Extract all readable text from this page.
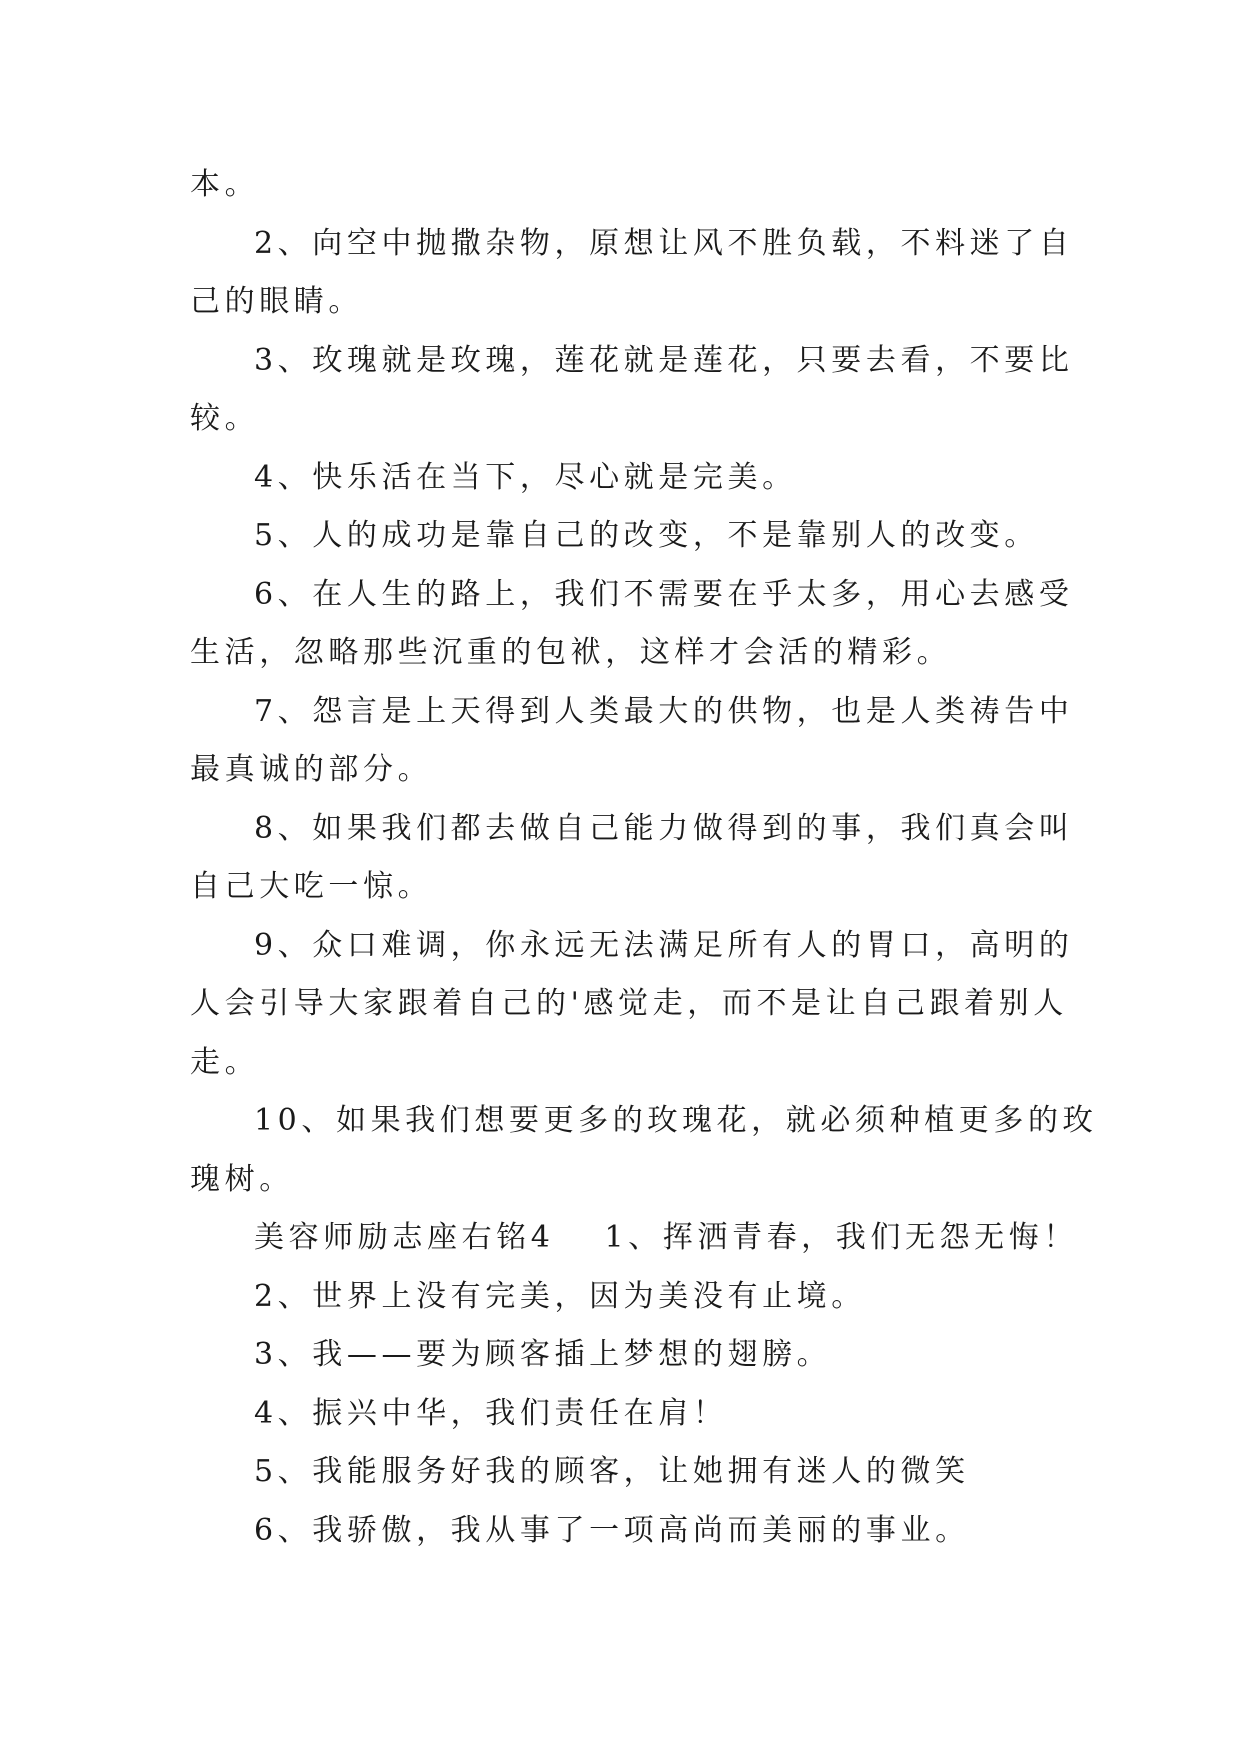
本。
2、向空中抛撒杂物，原想让风不胜负载，不料迷了自
己的眼睛。
3、玫瑰就是玫瑰，莲花就是莲花，只要去看，不要比
较。
4、快乐活在当下，尽心就是完美。
5、人的成功是靠自己的改变，不是靠别人的改变。
6、在人生的路上，我们不需要在乎太多，用心去感受
生活，忽略那些沉重的包袱，这样才会活的精彩。
7、怨言是上天得到人类最大的供物，也是人类祷告中
最真诚的部分。
8、如果我们都去做自己能力做得到的事，我们真会叫
自己大吃一惊。
9、众口难调，你永远无法满足所有人的胃口，高明的
人会引导大家跟着自己的'感觉走，而不是让自己跟着别人
走。
10、如果我们想要更多的玫瑰花，就必须种植更多的玫
瑰树。
美容师励志座右铭4 1、挥洒青春，我们无怨无悔！
2、世界上没有完美，因为美没有止境。
3、我——要为顾客插上梦想的翅膀。
4、振兴中华，我们责任在肩！
5、我能服务好我的顾客，让她拥有迷人的微笑
6、我骄傲，我从事了一项高尚而美丽的事业。
